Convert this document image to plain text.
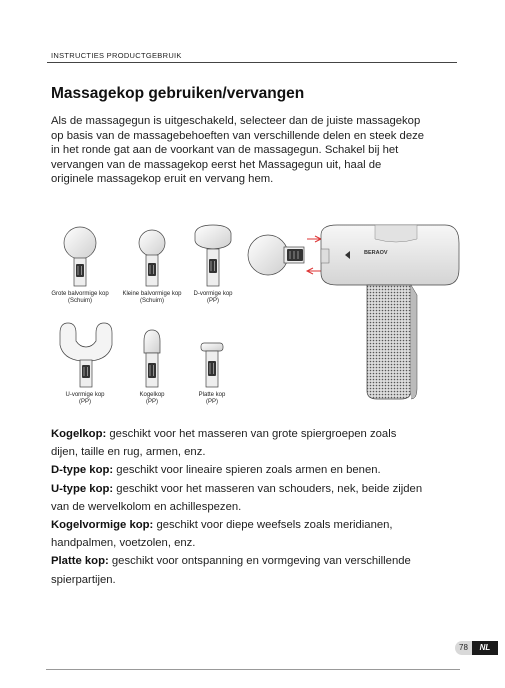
INSTRUCTIES PRODUCTGEBRUIK
Massagekop gebruiken/vervangen

Als de massagegun is uitgeschakeld, selecteer dan de juiste massagekop

op basis van de massagebehoeften van verschillende delen en steek deze

in het ronde gat aan de voorkant van de massagegun. Schakel bij het

vervangen van de massagekop eerst het Massagegun uit, haal de

originele massagekop eruit en vervang hem.

BERAOV
Grote balvormige kop
(Schuim)
Kleine balvormige kop
(Schuim)
D-vormige kop
(PP)
U-vormige kop
(PP)
Kogelkop
(PP)
Platte kop
(PP)
Kogelkop: geschikt voor het masseren van grote spiergroepen zoals
dijen, taille en rug, armen, enz.
D-type kop: geschikt voor lineaire spieren zoals armen en benen.
U-type kop: geschikt voor het masseren van schouders, nek, beide zijden
van de wervelkolom en achillespezen.
Kogelvormige kop: geschikt voor diepe weefsels zoals meridianen,
handpalmen, voetzolen, enz.
Platte kop: geschikt voor ontspanning en vormgeving van verschillende
spierpartijen.
78	NL
